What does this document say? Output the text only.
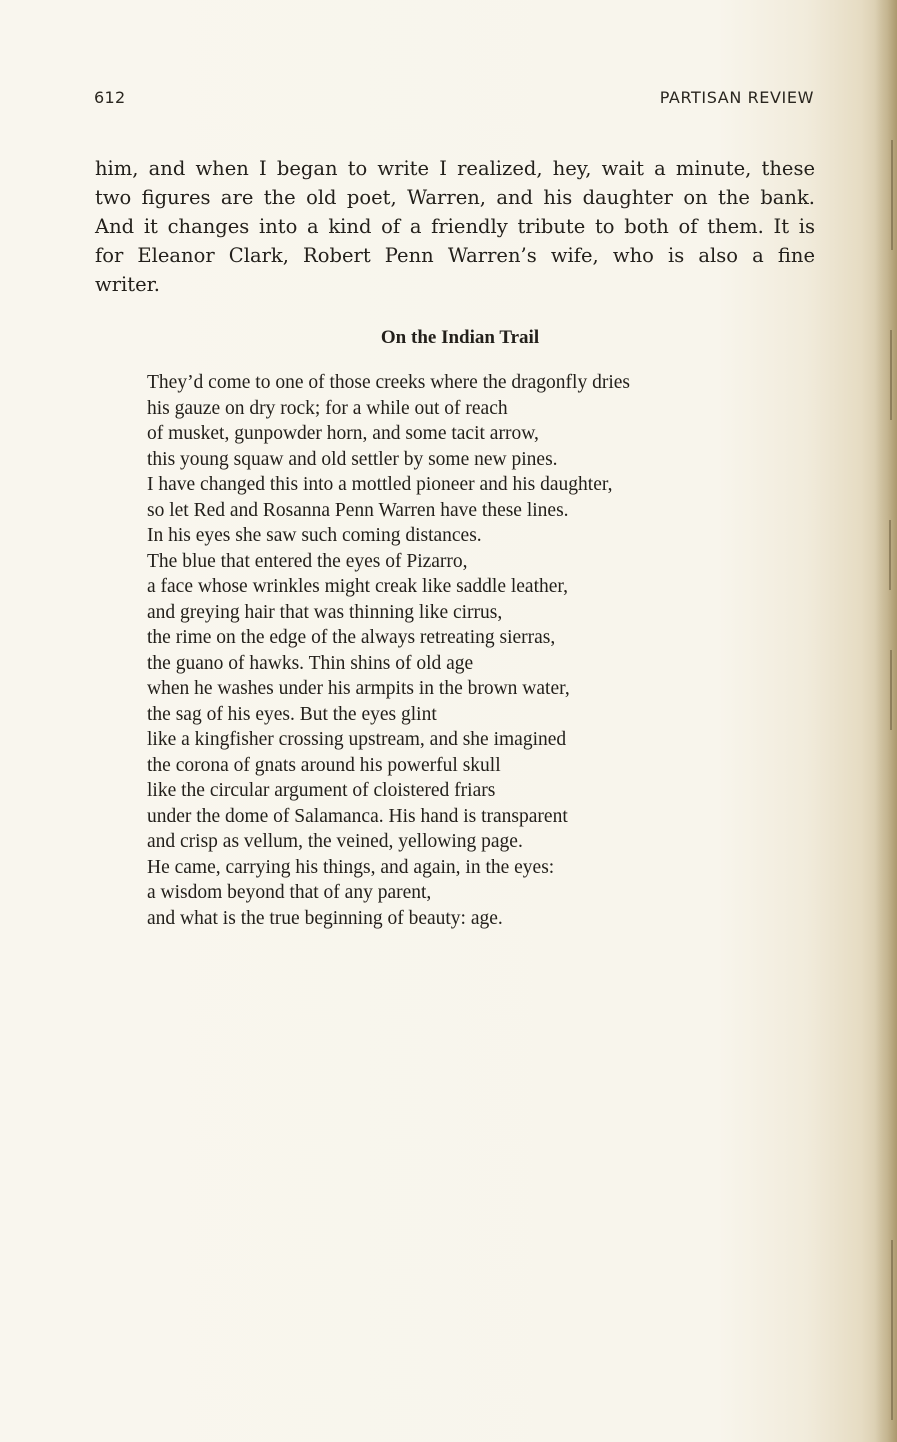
612	PARTISAN REVIEW
him, and when I began to write I realized, hey, wait a minute, these
two figures are the old poet, Warren, and his daughter on the bank.
And it changes into a kind of a friendly tribute to both of them. It is
for Eleanor Clark, Robert Penn Warren’s wife, who is also a fine
writer.
On the Indian Trail
They’d come to one of those creeks where the dragonfly dries
his gauze on dry rock; for a while out of reach
of musket, gunpowder horn, and some tacit arrow,
this young squaw and old settler by some new pines.
I have changed this into a mottled pioneer and his daughter,
so let Red and Rosanna Penn Warren have these lines.
In his eyes she saw such coming distances.
The blue that entered the eyes of Pizarro,
a face whose wrinkles might creak like saddle leather,
and greying hair that was thinning like cirrus,
the rime on the edge of the always retreating sierras,
the guano of hawks. Thin shins of old age
when he washes under his armpits in the brown water,
the sag of his eyes. But the eyes glint
like a kingfisher crossing upstream, and she imagined
the corona of gnats around his powerful skull
like the circular argument of cloistered friars
under the dome of Salamanca. His hand is transparent
and crisp as vellum, the veined, yellowing page.
He came, carrying his things, and again, in the eyes:
a wisdom beyond that of any parent,
and what is the true beginning of beauty: age.
